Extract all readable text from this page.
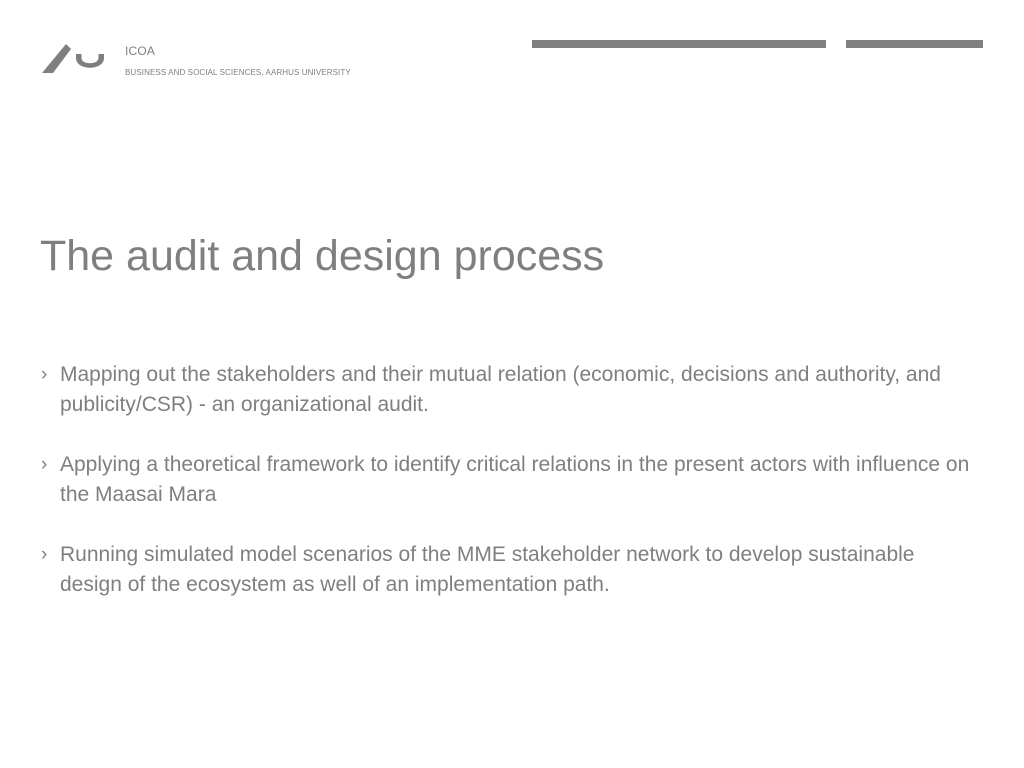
ICOA
BUSINESS AND SOCIAL SCIENCES, AARHUS UNIVERSITY
The audit and design process
› Mapping out the stakeholders and their mutual relation (economic, decisions and authority, and publicity/CSR) - an organizational audit.
› Applying a theoretical framework to identify critical relations in the present actors with influence on the Maasai Mara
› Running simulated model scenarios of the MME stakeholder network to develop sustainable design of the ecosystem as well of an implementation path.
